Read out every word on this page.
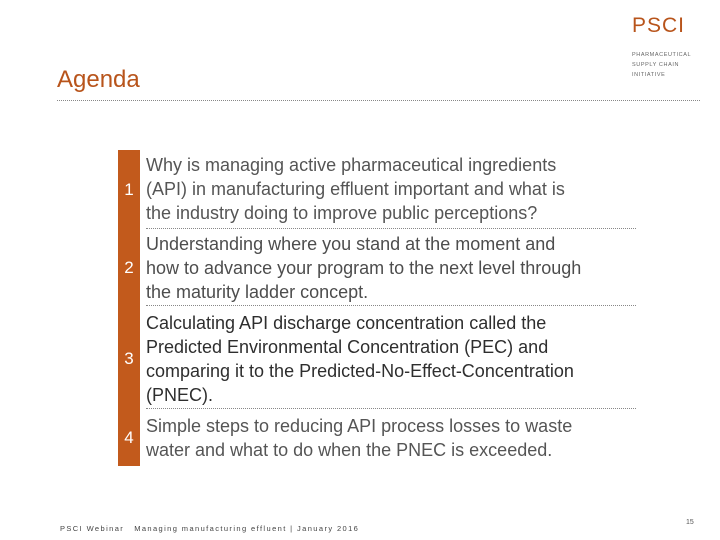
PSCI
PHARMACEUTICAL
SUPPLY CHAIN
INITIATIVE
Agenda
1
Why is managing active pharmaceutical ingredients
(API) in manufacturing effluent important and what is
the industry doing to improve public perceptions?
2
Understanding where you stand at the moment and
how to advance your program to the next level through
the maturity ladder concept.
3
Calculating API discharge concentration called the
Predicted Environmental Concentration (PEC) and
comparing it to the Predicted-No-Effect-Concentration
(PNEC).
4
Simple steps to reducing API process losses to waste
water and what to do when the PNEC is exceeded.
PSCI Webinar Managing manufacturing effluent | January 2016
15
